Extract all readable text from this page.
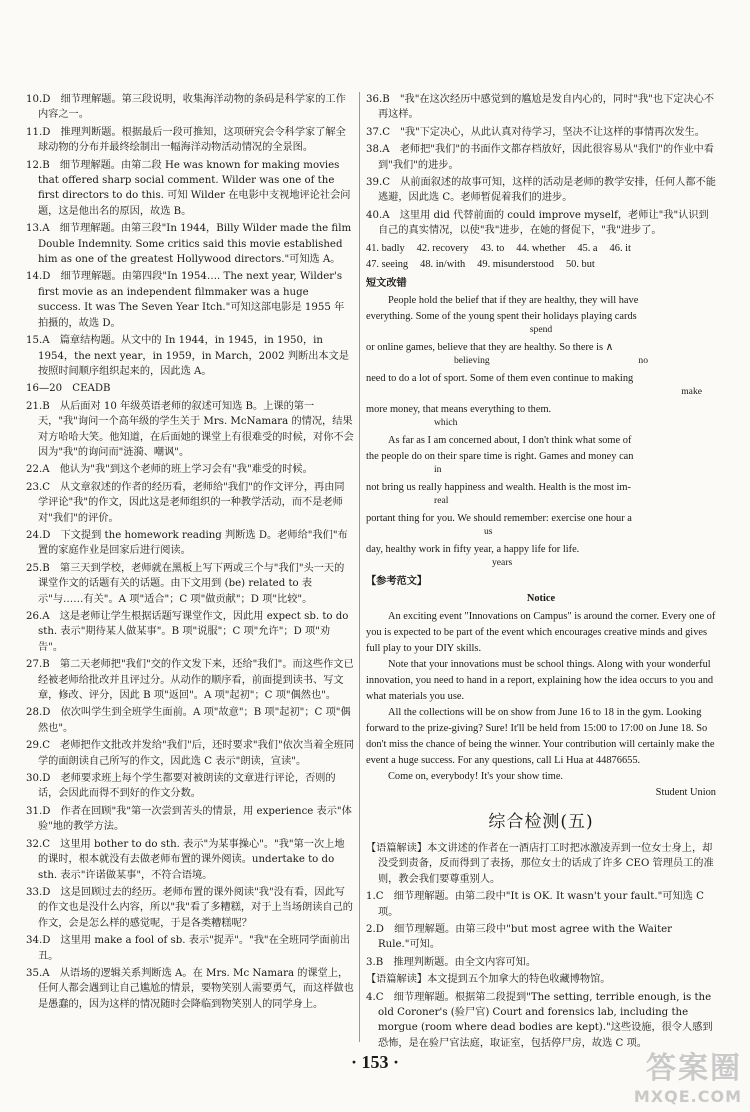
10.D　细节理解题。第三段说明，收集海洋动物的条码是科学家的工作内容之一。

11.D　推理判断题。根据最后一段可推知，这项研究会令科学家了解全球动物的分布并最终绘制出一幅海洋动物活动情况的全景图。

12.B　细节理解题。由第二段 He was known for making movies that offered sharp social comment. Wilder was one of the first directors to do this. 可知 Wilder 在电影中支视地评论社会问题，这是他出名的原因，故选 B。

13.A　细节理解题。由第三段"In 1944，Billy Wilder made the film Double Indemnity. Some critics said this movie established him as one of the greatest Hollywood directors."可知选 A。

14.D　细节理解题。由第四段"In 1954…. The next year, Wilder's first movie as an independent filmmaker was a huge success. It was The Seven Year Itch."可知这部电影是 1955 年拍摄的，故选 D。

15.A　篇章结构题。从文中的 In 1944，in 1945，in 1950，in 1954，the next year，in 1959，in March，2002 判断出本文是按照时间顺序组织起来的，因此选 A。

16—20　CEADB

21.B　从后面对 10 年级英语老师的叙述可知选 B。上课的第一天，"我"询问一个高年级的学生关于 Mrs. McNamara 的情况，结果对方哈哈大笑。他知道，在后面她的课堂上有很难受的时候，对你不会因为"我"的询问而"涟漪、嘲讽"。

22.A　他认为"我"到这个老师的班上学习会有"我"难受的时候。

23.C　从文章叙述的作者的经历看，老师给"我们"的作文评分，再由同学评论"我"的作文，因此这是老师组织的一种教学活动，而不是老师对"我们"的评价。

24.D　下文提到 the homework reading 判断选 D。老师给"我们"布置的家庭作业是回家后进行阅读。

25.B　第三天到学校，老师就在黑板上写下两或三个与"我们"头一天的课堂作文的话题有关的话题。由下文用到 (be) related to 表示"与……有关"。A 项"适合"；C 项"做贡献"；D 项"比较"。

26.A　这是老师让学生根据话题写课堂作文，因此用 expect sb. to do sth. 表示"期待某人做某事"。B 项"说服"；C 项"允许"；D 项"劝告"。

27.B　第二天老师把"我们"交的作文发下来，还给"我们"。而这些作文已经被老师给批改并且评过分。从动作的顺序看，前面提到读书、写文章，修改、评分，因此 B 项"返回"。A 项"起初"；C 项"偶然也"。

28.D　依次叫学生到全班学生面前。A 项"故意"；B 项"起初"；C 项"偶然也"。

29.C　老师把作文批改并发给"我们"后，还时要求"我们"依次当着全班同学的面朗读自己所写的作文，因此选 C 表示"朗读，宣读"。

30.D　老师要求班上每个学生都要对被朗读的文章进行评论，否则的话，会因此而得不到好的作文分数。

31.D　作者在回顾"我"第一次尝到苦头的情景，用 experience 表示"体验"地的教学方法。

32.C　这里用 bother to do sth. 表示"为某事操心"。"我"第一次上地的课时，根本就没有去做老师布置的课外阅读。undertake to do sth. 表示"许诺做某事"，不符合语境。

33.D　这是回顾过去的经历。老师布置的课外阅读"我"没有看，因此写的作文也是没什么内容，所以"我"看了多糟糕，对于上当场朗读自己的作文，会是怎么样的感觉呢，于是各类糟糕呢？

34.D　这里用 make a fool of sb. 表示"捉弄"。"我"在全班同学面前出丑。

35.A　从语场的逻辑关系判断选 A。在 Mrs. Mc Namara 的课堂上，任何人都会遇到让自己尴尬的情景，要物笑别人需要勇气，而这样做也是愚蠢的，因为这样的情况随时会降临到物笑别人的同学身上。

36.B　"我"在这次经历中感觉到的尴尬是发自内心的，同时"我"也下定决心不再这样。

37.C　"我"下定决心，从此认真对待学习，坚决不让这样的事情再次发生。

38.A　老师把"我们"的书面作文都存档放好，因此很容易从"我们"的作业中看到"我们"的进步。

39.C　从前面叙述的故事可知，这样的活动是老师的教学安排，任何人都不能逃避，因此选 C。老师暂促着我们的进步。

40.A　这里用 did 代替前面的 could improve myself，老师让"我"认识到自己的真实情况，以使"我"进步，在她的督促下，"我"进步了。

41. badly 42. recovery 43. to 44. whether 45. a 46. it
47. seeing 48. in/with 49. misunderstood 50. but
短文改错

People hold the belief that if they are healthy, they will have

everything. Some of the young spent their holidays playing cards

spend

or online games, believe that they are healthy. So there is ∧

believing                                                              no

need to do a lot of sport. Some of them even continue to making

make

more money, that means everything to them.

which

As far as I am concerned about, I don't think what some of

the people do on their spare time is right. Games and money can

in

not bring us really happiness and wealth. Health is the most im-

real

portant thing for you. We should remember: exercise one hour a

us

day, healthy work in fifty year, a happy life for life.

years

【参考范文】
Notice

An exciting event "Innovations on Campus" is around the corner. Every one of you is expected to be part of the event which encourages creative minds and gives full play to your DIY skills.

Note that your innovations must be school things. Along with your wonderful innovation, you need to hand in a report, explaining how the idea occurs to you and what materials you use.

All the collections will be on show from June 16 to 18 in the gym. Looking forward to the prize-giving? Sure! It'll be held from 15:00 to 17:00 on June 18. So don't miss the chance of being the winner. Your contribution will certainly make the event a huge success. For any questions, call Li Hua at 44876655.

Come on, everybody! It's your show time.

Student Union

综合检测(五)

【语篇解读】本文讲述的作者在一酒店打工时把冰激凌弄到一位女士身上，却没受到责备，反而得到了表扬，那位女士的话成了许多 CEO 管理员工的准则，教会我们要尊重别人。

1.C　细节理解题。由第二段中"It is OK. It wasn't your fault."可知选 C 项。

2.D　细节理解题。由第三段中"but most agree with the Waiter Rule."可知。

3.B　推理判断题。由全文内容可知。

【语篇解读】本文提到五个加拿大的特色收藏博物馆。

4.C　细节理解题。根据第二段提到"The setting, terrible enough, is the old Coroner's (验尸官) Court and forensics lab, including the morgue (room where dead bodies are kept)."这些设施，很令人感到恐怖，是在验尸官法庭，取证室，包括停尸房，故选 C 项。

· 153 ·	答案圈
MXQE.COM
